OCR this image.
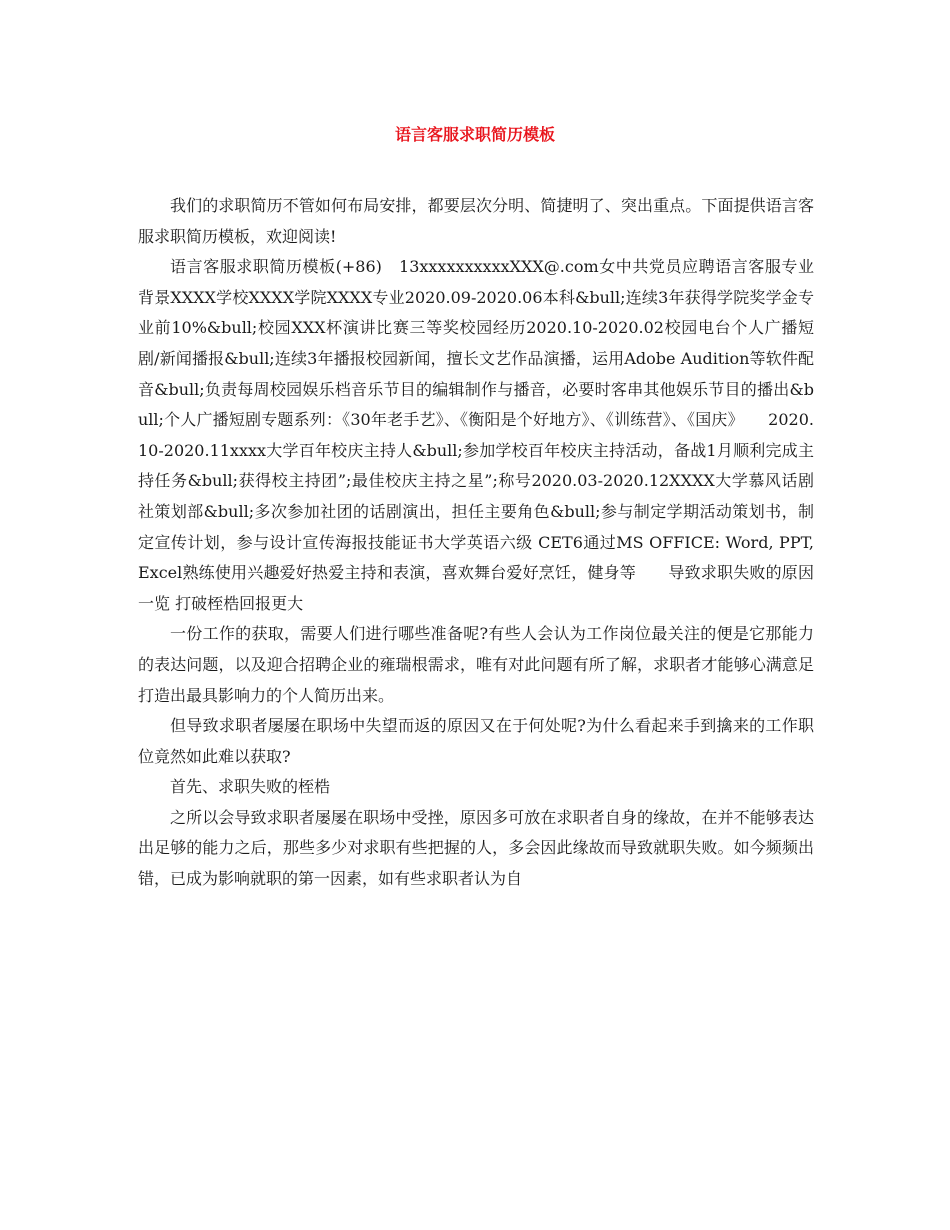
语言客服求职简历模板

我们的求职简历不管如何布局安排，都要层次分明、简捷明了、突出重点。下面提供语言客服求职简历模板，欢迎阅读!

语言客服求职简历模板(+86)　13xxxxxxxxxxXXX@.com女中共党员应聘语言客服专业背景XXXX学校XXXX学院XXXX专业2020.09-2020.06本科&bull;连续3年获得学院奖学金专业前10%&bull;校园XXX杯演讲比赛三等奖校园经历2020.10-2020.02校园电台个人广播短剧/新闻播报&bull;连续3年播报校园新闻，擅长文艺作品演播，运用Adobe Audition等软件配音&bull;负责每周校园娱乐档音乐节目的编辑制作与播音，必要时客串其他娱乐节目的播出&bull;个人广播短剧专题系列：《30年老手艺》、《衡阳是个好地方》、《训练营》、《国庆》　　2020.10-2020.11xxxx大学百年校庆主持人&bull;参加学校百年校庆主持活动，备战1月顺利完成主持任务&bull;获得校主持团”;最佳校庆主持之星”;称号2020.03-2020.12XXXX大学慕风话剧社策划部&bull;多次参加社团的话剧演出，担任主要角色&bull;参与制定学期活动策划书，制定宣传计划，参与设计宣传海报技能证书大学英语六级 CET6通过MS OFFICE: Word, PPT, Excel熟练使用兴趣爱好热爱主持和表演，喜欢舞台爱好烹饪，健身等　　导致求职失败的原因一览 打破桎梏回报更大

一份工作的获取，需要人们进行哪些准备呢?有些人会认为工作岗位最关注的便是它那能力的表达问题，以及迎合招聘企业的雍瑞根需求，唯有对此问题有所了解，求职者才能够心满意足打造出最具影响力的个人简历出来。

但导致求职者屡屡在职场中失望而返的原因又在于何处呢?为什么看起来手到擒来的工作职位竟然如此难以获取?

首先、求职失败的桎梏

之所以会导致求职者屡屡在职场中受挫，原因多可放在求职者自身的缘故，在并不能够表达出足够的能力之后，那些多少对求职有些把握的人，多会因此缘故而导致就职失败。如今频频出错，已成为影响就职的第一因素，如有些求职者认为自
